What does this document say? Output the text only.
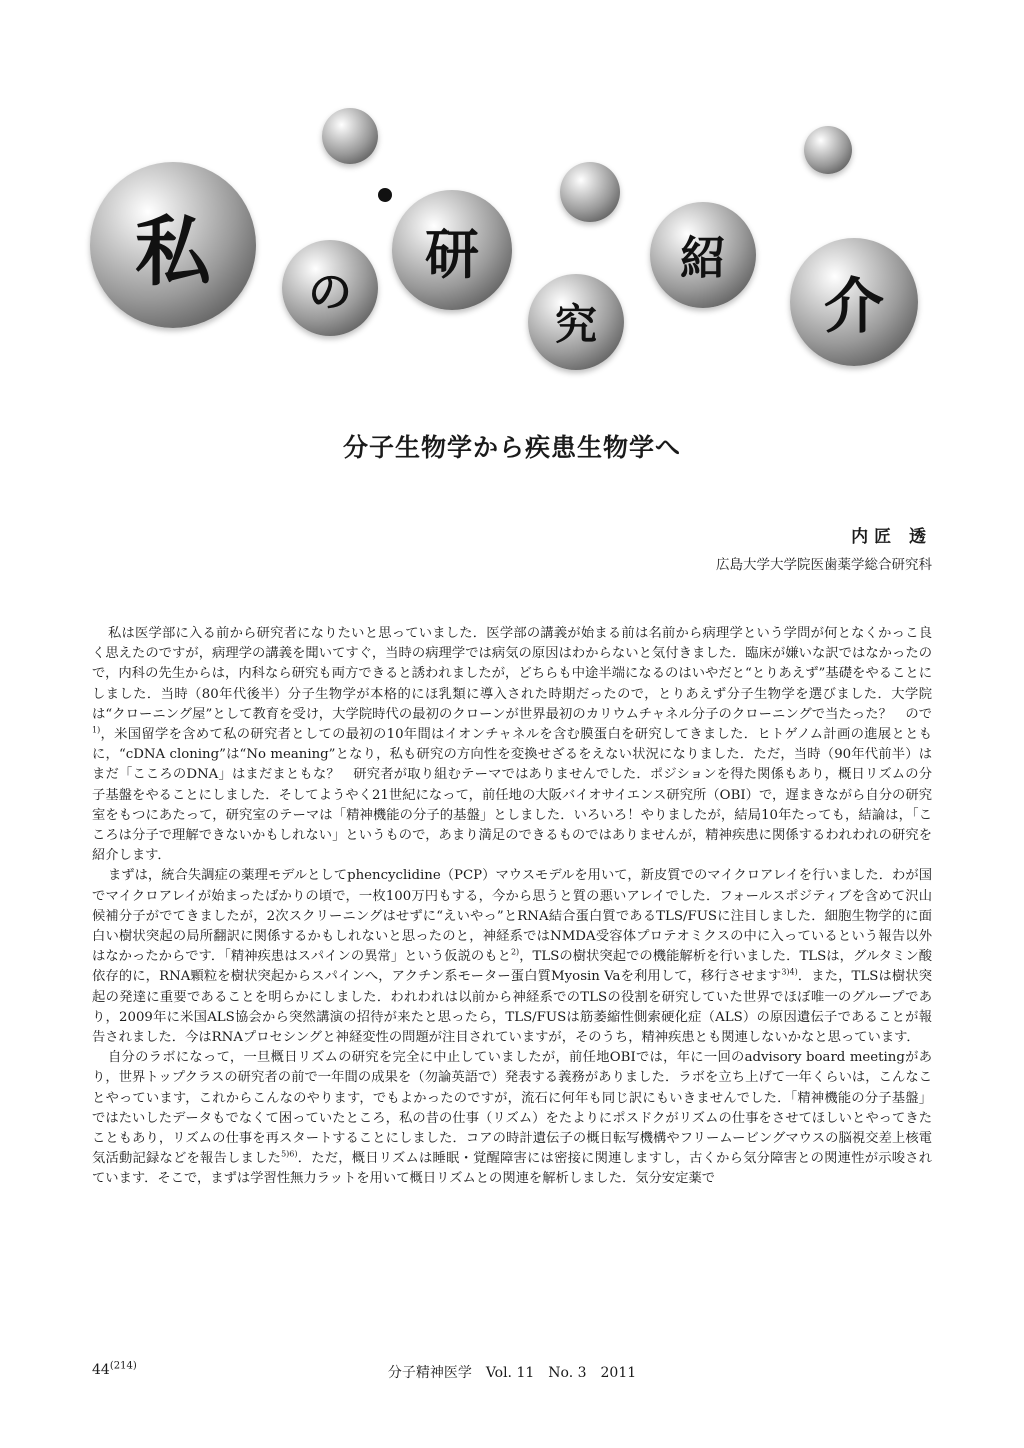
私 の
研
究
紹
介
分子生物学から疾患生物学へ
内匠 透
広島大学大学院医歯薬学総合研究科

私は医学部に入る前から研究者になりたいと思っていました．医学部の講義が始まる前は名前から病理学という学問が何となくかっこ良く思えたのですが，病理学の講義を聞いてすぐ，当時の病理学では病気の原因はわからないと気付きました．臨床が嫌いな訳ではなかったので，内科の先生からは，内科なら研究も両方できると誘われましたが，どちらも中途半端になるのはいやだと“とりあえず”基礎をやることにしました．当時（80年代後半）分子生物学が本格的にほ乳類に導入された時期だったので，とりあえず分子生物学を選びました．大学院は“クローニング屋”として教育を受け，大学院時代の最初のクローンが世界最初のカリウムチャネル分子のクローニングで当たった？　ので$^{1)}$，米国留学を含めて私の研究者としての最初の10年間はイオンチャネルを含む膜蛋白を研究してきました．ヒトゲノム計画の進展とともに，“cDNA cloning”は“No meaning”となり，私も研究の方向性を変換せざるをえない状況になりました．ただ，当時（90年代前半）はまだ「こころのDNA」はまだまともな？　研究者が取り組むテーマではありませんでした．ポジションを得た関係もあり，概日リズムの分子基盤をやることにしました．そしてようやく21世紀になって，前任地の大阪バイオサイエンス研究所（OBI）で，遅まきながら自分の研究室をもつにあたって，研究室のテーマは「精神機能の分子的基盤」としました．いろいろ！やりましたが，結局10年たっても，結論は，「こころは分子で理解できないかもしれない」というもので，あまり満足のできるものではありませんが，精神疾患に関係するわれわれの研究を紹介します．

まずは，統合失調症の薬理モデルとしてphencyclidine（PCP）マウスモデルを用いて，新皮質でのマイクロアレイを行いました．わが国でマイクロアレイが始まったばかりの頃で，一枚100万円もする，今から思うと質の悪いアレイでした．フォールスポジティブを含めて沢山候補分子がでてきましたが，2次スクリーニングはせずに“えいやっ”とRNA結合蛋白質であるTLS/FUSに注目しました．細胞生物学的に面白い樹状突起の局所翻訳に関係するかもしれないと思ったのと，神経系ではNMDA受容体プロテオミクスの中に入っているという報告以外はなかったからです．「精神疾患はスパインの異常」という仮説のもと$^{2)}$，TLSの樹状突起での機能解析を行いました．TLSは，グルタミン酸依存的に，RNA顆粒を樹状突起からスパインへ，アクチン系モーター蛋白質Myosin Vaを利用して，移行させます$^{3)4)}$．また，TLSは樹状突起の発達に重要であることを明らかにしました．われわれは以前から神経系でのTLSの役割を研究していた世界でほぼ唯一のグループであり，2009年に米国ALS協会から突然講演の招待が来たと思ったら，TLS/FUSは筋萎縮性側索硬化症（ALS）の原因遺伝子であることが報告されました．今はRNAプロセシングと神経変性の問題が注目されていますが，そのうち，精神疾患とも関連しないかなと思っています．

自分のラボになって，一旦概日リズムの研究を完全に中止していましたが，前任地OBIでは，年に一回のadvisory board meetingがあり，世界トップクラスの研究者の前で一年間の成果を（勿論英語で）発表する義務がありました．ラボを立ち上げて一年くらいは，こんなことやっています，これからこんなのやります，でもよかったのですが，流石に何年も同じ訳にもいきませんでした．「精神機能の分子基盤」ではたいしたデータもでなくて困っていたところ，私の昔の仕事（リズム）をたよりにポスドクがリズムの仕事をさせてほしいとやってきたこともあり，リズムの仕事を再スタートすることにしました．コアの時計遺伝子の概日転写機構やフリームービングマウスの脳視交差上核電気活動記録などを報告しました$^{5)6)}$．ただ，概日リズムは睡眠・覚醒障害には密接に関連しますし，古くから気分障害との関連性が示唆されています．そこで，まずは学習性無力ラットを用いて概日リズムとの関連を解析しました．気分安定薬で

44$^{(214)}$	分子精神医学　Vol. 11　No. 3　2011
